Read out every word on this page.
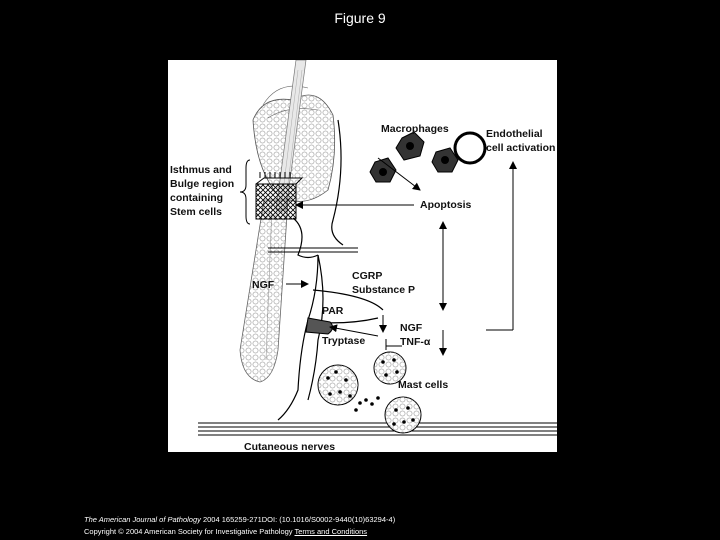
Figure 9
Isthmus and
Bulge region
containing
Stem cells
Macrophages	Endothelial
cell activation
Apoptosis
NGF
CGRP
Substance P
PAR
NGF
TNF-α
Tryptase
Mast cells
Cutaneous nerves
The American Journal of Pathology 2004 165259-271DOI: (10.1016/S0002-9440(10)63294-4)
Copyright © 2004 American Society for Investigative Pathology Terms and Conditions
